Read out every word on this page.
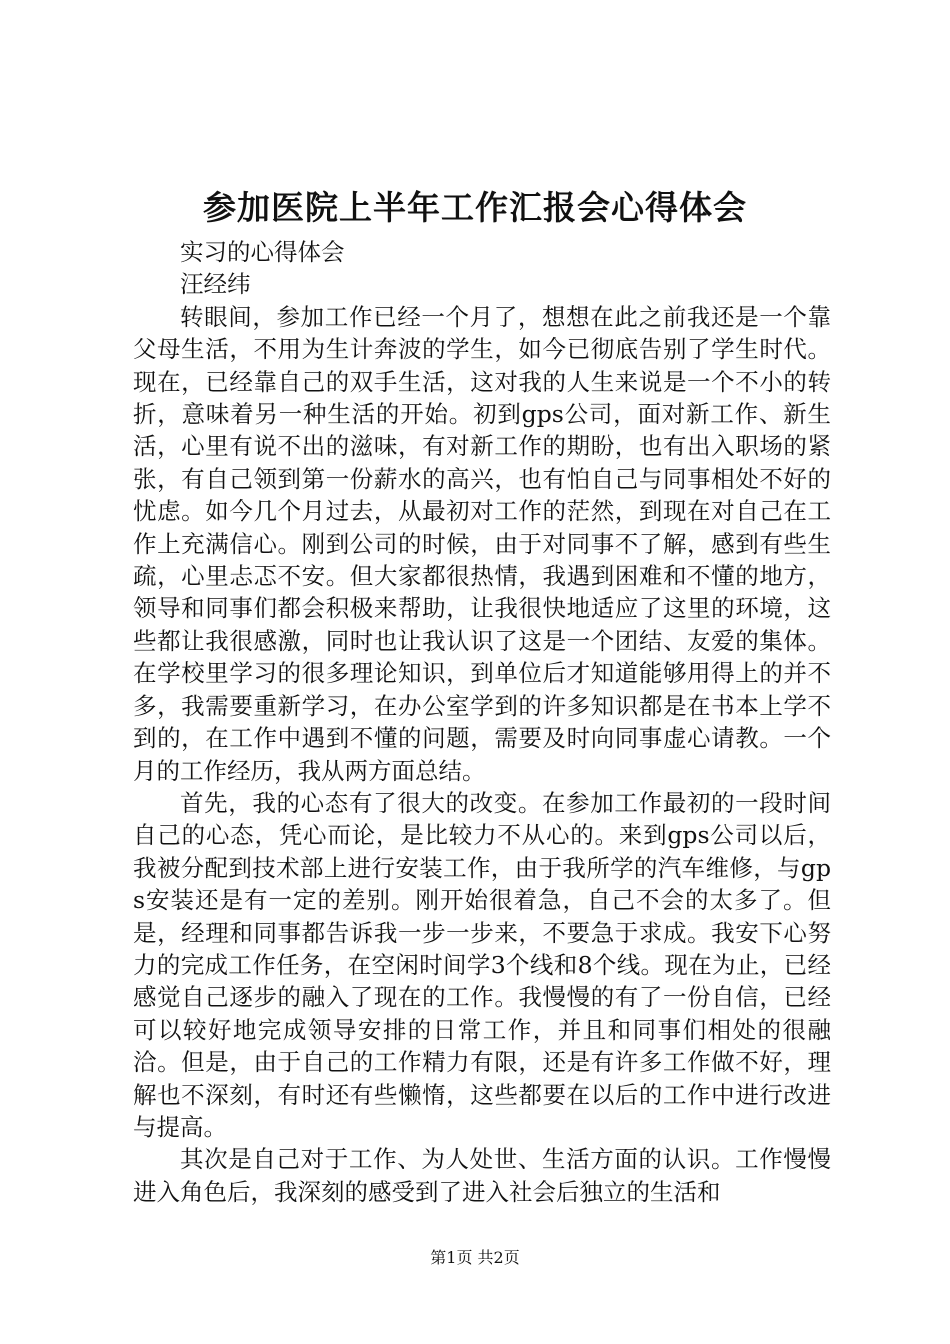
参加医院上半年工作汇报会心得体会

实习的心得体会

汪经纬

转眼间，参加工作已经一个月了，想想在此之前我还是一个靠父母生活，不用为生计奔波的学生，如今已彻底告别了学生时代。现在，已经靠自己的双手生活，这对我的人生来说是一个不小的转折，意味着另一种生活的开始。初到gps公司，面对新工作、新生活，心里有说不出的滋味，有对新工作的期盼，也有出入职场的紧张，有自己领到第一份薪水的高兴，也有怕自己与同事相处不好的忧虑。如今几个月过去，从最初对工作的茫然，到现在对自己在工作上充满信心。刚到公司的时候，由于对同事不了解，感到有些生疏，心里忐忑不安。但大家都很热情，我遇到困难和不懂的地方，领导和同事们都会积极来帮助，让我很快地适应了这里的环境，这些都让我很感激，同时也让我认识了这是一个团结、友爱的集体。在学校里学习的很多理论知识，到单位后才知道能够用得上的并不多，我需要重新学习，在办公室学到的许多知识都是在书本上学不到的，在工作中遇到不懂的问题，需要及时向同事虚心请教。一个月的工作经历，我从两方面总结。

首先，我的心态有了很大的改变。在参加工作最初的一段时间自己的心态，凭心而论，是比较力不从心的。来到gps公司以后，我被分配到技术部上进行安装工作，由于我所学的汽车维修，与gps安装还是有一定的差别。刚开始很着急，自己不会的太多了。但是，经理和同事都告诉我一步一步来，不要急于求成。我安下心努力的完成工作任务，在空闲时间学3个线和8个线。现在为止，已经感觉自己逐步的融入了现在的工作。我慢慢的有了一份自信，已经可以较好地完成领导安排的日常工作，并且和同事们相处的很融洽。但是，由于自己的工作精力有限，还是有许多工作做不好，理解也不深刻，有时还有些懒惰，这些都要在以后的工作中进行改进与提高。

其次是自己对于工作、为人处世、生活方面的认识。工作慢慢进入角色后，我深刻的感受到了进入社会后独立的生活和

第1页 共2页
